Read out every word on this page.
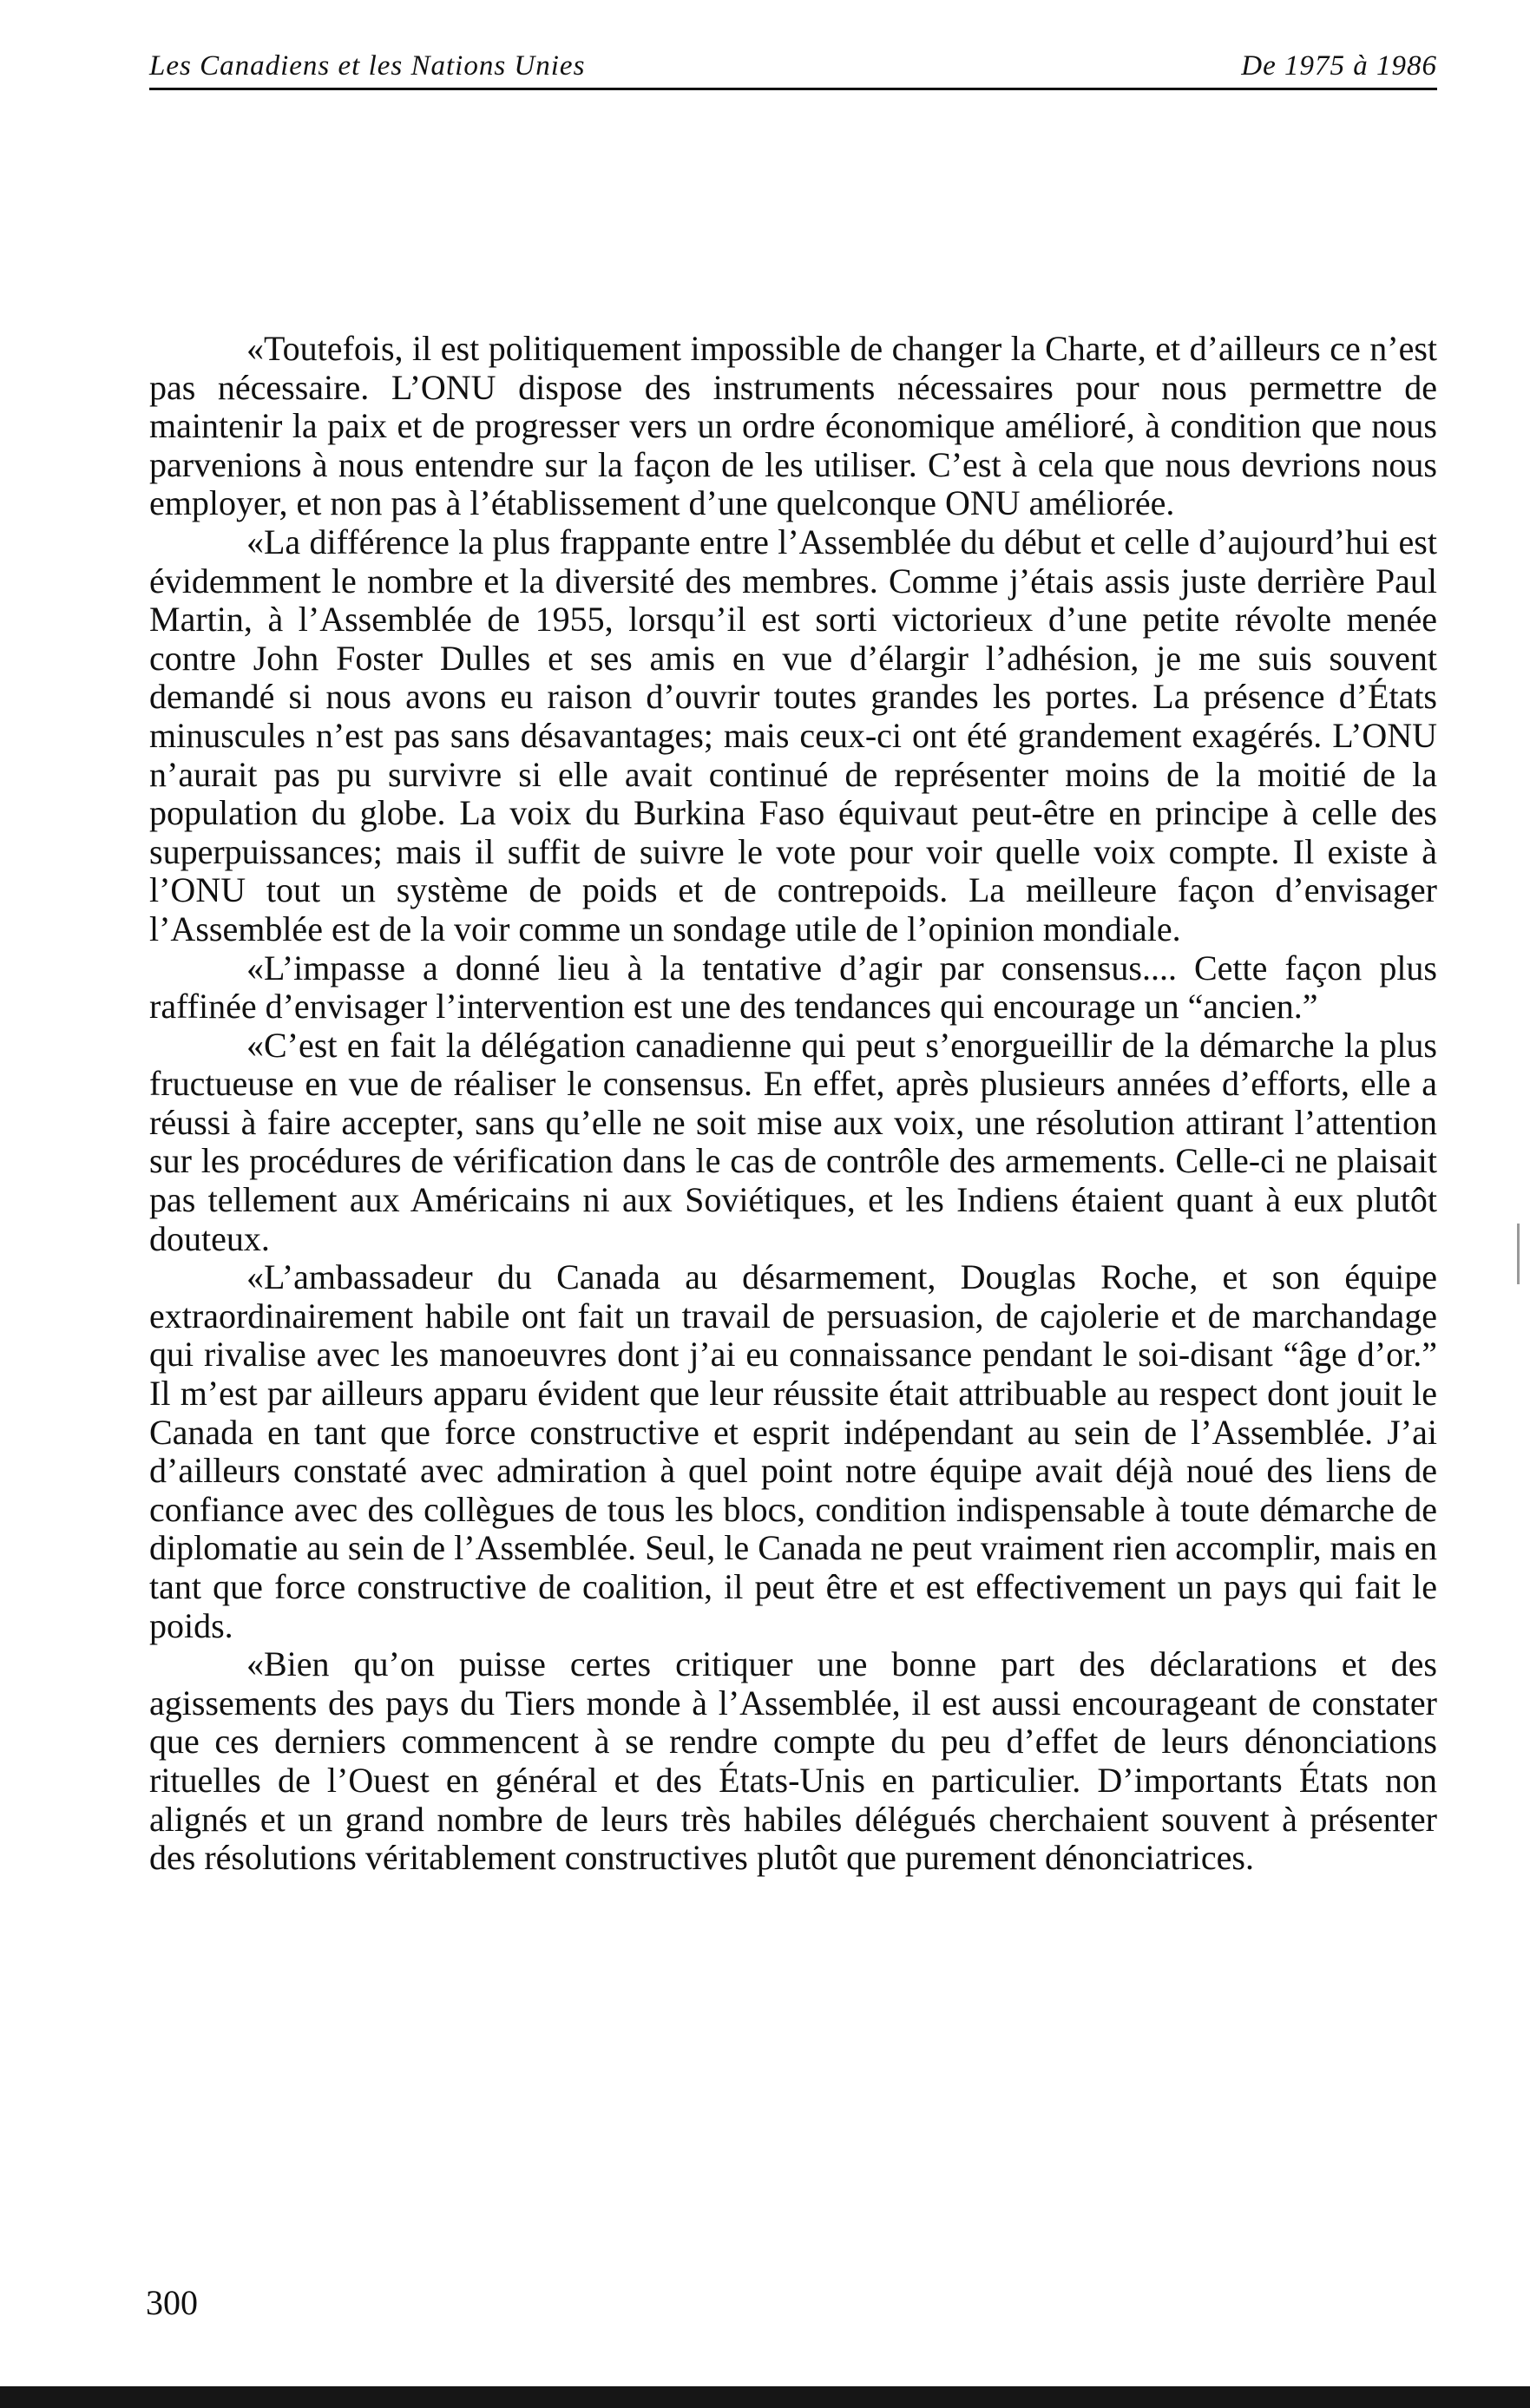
Les Canadiens et les Nations Unies	De 1975 à 1986

«Toutefois, il est politiquement impossible de changer la Charte, et d’ailleurs ce n’est pas nécessaire. L’ONU dispose des instruments nécessaires pour nous permettre de maintenir la paix et de progresser vers un ordre économique amélioré, à condition que nous parvenions à nous entendre sur la façon de les utiliser. C’est à cela que nous devrions nous employer, et non pas à l’établissement d’une quelconque ONU améliorée.

«La différence la plus frappante entre l’Assemblée du début et celle d’aujourd’hui est évidemment le nombre et la diversité des membres. Comme j’étais assis juste derrière Paul Martin, à l’Assemblée de 1955, lorsqu’il est sorti victorieux d’une petite révolte menée contre John Foster Dulles et ses amis en vue d’élargir l’adhésion, je me suis souvent demandé si nous avons eu raison d’ouvrir toutes grandes les portes. La présence d’États minuscules n’est pas sans désavantages; mais ceux-ci ont été grandement exagérés. L’ONU n’aurait pas pu survivre si elle avait continué de représenter moins de la moitié de la population du globe. La voix du Burkina Faso équivaut peut-être en principe à celle des superpuissances; mais il suffit de suivre le vote pour voir quelle voix compte. Il existe à l’ONU tout un système de poids et de contrepoids. La meilleure façon d’envisager l’Assemblée est de la voir comme un sondage utile de l’opinion mondiale.

«L’impasse a donné lieu à la tentative d’agir par consensus.... Cette façon plus raffinée d’envisager l’intervention est une des tendances qui encourage un “ancien.”

«C’est en fait la délégation canadienne qui peut s’enorgueillir de la démarche la plus fructueuse en vue de réaliser le consensus. En effet, après plusieurs années d’efforts, elle a réussi à faire accepter, sans qu’elle ne soit mise aux voix, une résolution attirant l’attention sur les procédures de vérification dans le cas de contrôle des armements. Celle-ci ne plaisait pas tellement aux Américains ni aux Soviétiques, et les Indiens étaient quant à eux plutôt douteux.

«L’ambassadeur du Canada au désarmement, Douglas Roche, et son équipe extraordinairement habile ont fait un travail de persuasion, de cajolerie et de marchandage qui rivalise avec les manoeuvres dont j’ai eu connaissance pendant le soi-disant “âge d’or.” Il m’est par ailleurs apparu évident que leur réussite était attribuable au respect dont jouit le Canada en tant que force constructive et esprit indépendant au sein de l’Assemblée. J’ai d’ailleurs constaté avec admiration à quel point notre équipe avait déjà noué des liens de confiance avec des collègues de tous les blocs, condition indispensable à toute démarche de diplomatie au sein de l’Assemblée. Seul, le Canada ne peut vraiment rien accomplir, mais en tant que force constructive de coalition, il peut être et est effectivement un pays qui fait le poids.

«Bien qu’on puisse certes critiquer une bonne part des déclarations et des agissements des pays du Tiers monde à l’Assemblée, il est aussi encourageant de constater que ces derniers commencent à se rendre compte du peu d’effet de leurs dénonciations rituelles de l’Ouest en général et des États-Unis en particulier. D’importants États non alignés et un grand nombre de leurs très habiles délégués cherchaient souvent à présenter des résolutions véritablement constructives plutôt que purement dénonciatrices.

300
